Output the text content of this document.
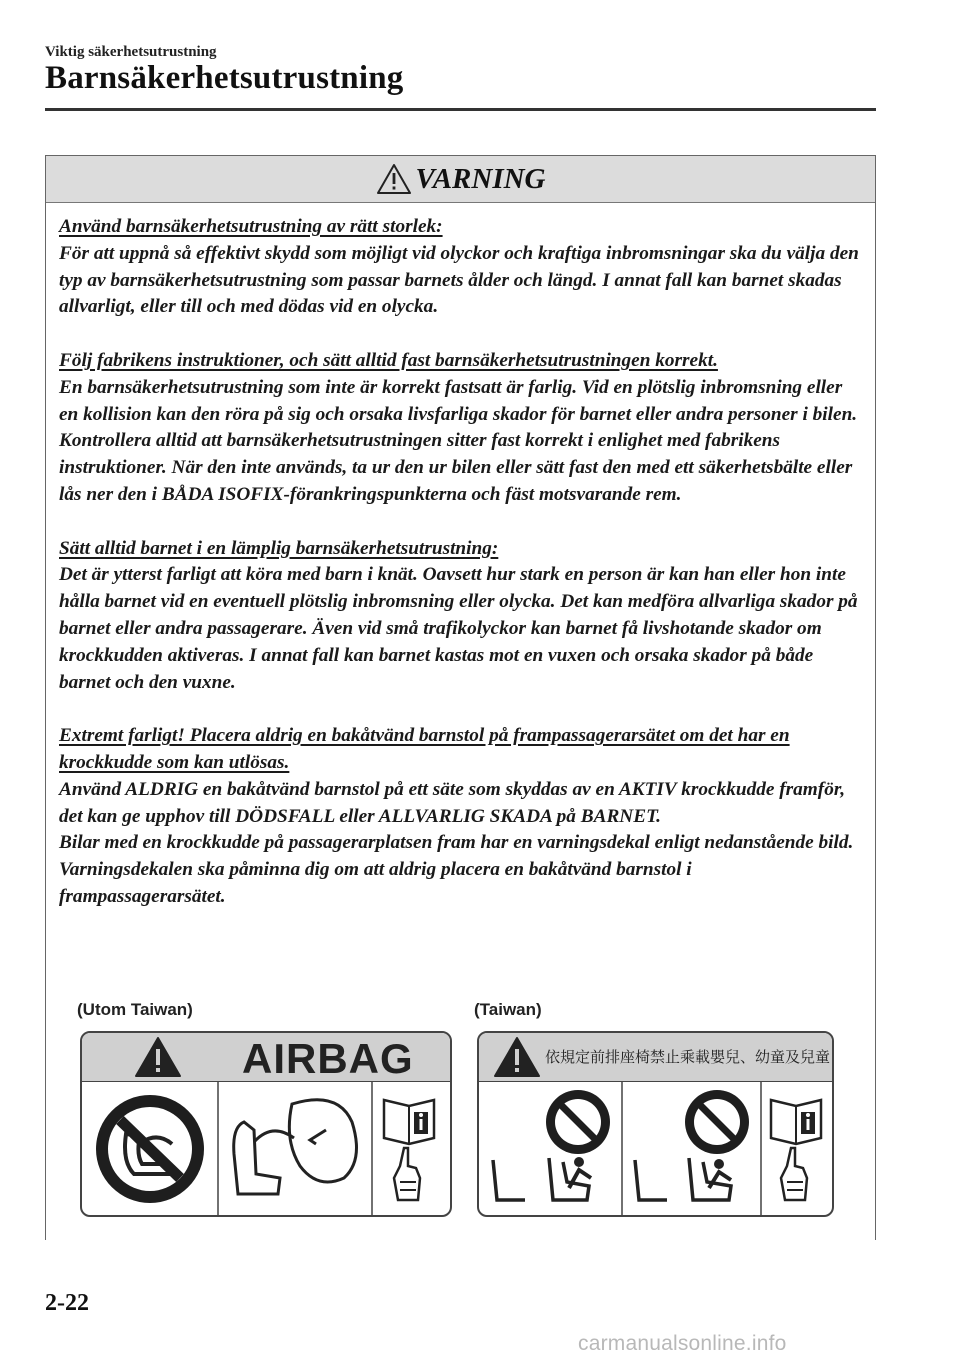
Viktig säkerhetsutrustning
Barnsäkerhetsutrustning
VARNING
Använd barnsäkerhetsutrustning av rätt storlek:
För att uppnå så effektivt skydd som möjligt vid olyckor och kraftiga inbromsningar ska du välja den typ av barnsäkerhetsutrustning som passar barnets ålder och längd. I annat fall kan barnet skadas allvarligt, eller till och med dödas vid en olycka.
Följ fabrikens instruktioner, och sätt alltid fast barnsäkerhetsutrustningen korrekt.
En barnsäkerhetsutrustning som inte är korrekt fastsatt är farlig. Vid en plötslig inbromsning eller en kollision kan den röra på sig och orsaka livsfarliga skador för barnet eller andra personer i bilen. Kontrollera alltid att barnsäkerhetsutrustningen sitter fast korrekt i enlighet med fabrikens instruktioner. När den inte används, ta ur den ur bilen eller sätt fast den med ett säkerhetsbälte eller lås ner den i BÅDA ISOFIX-förankringspunkterna och fäst motsvarande rem.
Sätt alltid barnet i en lämplig barnsäkerhetsutrustning:
Det är ytterst farligt att köra med barn i knät. Oavsett hur stark en person är kan han eller hon inte hålla barnet vid en eventuell plötslig inbromsning eller olycka. Det kan medföra allvarliga skador på barnet eller andra passagerare. Även vid små trafikolyckor kan barnet få livshotande skador om krockkudden aktiveras. I annat fall kan barnet kastas mot en vuxen och orsaka skador på både barnet och den vuxne.
Extremt farligt! Placera aldrig en bakåtvänd barnstol på frampassagerarsätet om det har en krockkudde som kan utlösas.
Använd ALDRIG en bakåtvänd barnstol på ett säte som skyddas av en AKTIV krockkudde framför, det kan ge upphov till DÖDSFALL eller ALLVARLIG SKADA på BARNET.
Bilar med en krockkudde på passagerarplatsen fram har en varningsdekal enligt nedanstående bild. Varningsdekalen ska påminna dig om att aldrig placera en bakåtvänd barnstol i frampassagerarsätet.
(Utom Taiwan)	(Taiwan)
AIRBAG	依規定前排座椅禁止乘載嬰兒、幼童及兒童
2-22
carmanualsonline.info
